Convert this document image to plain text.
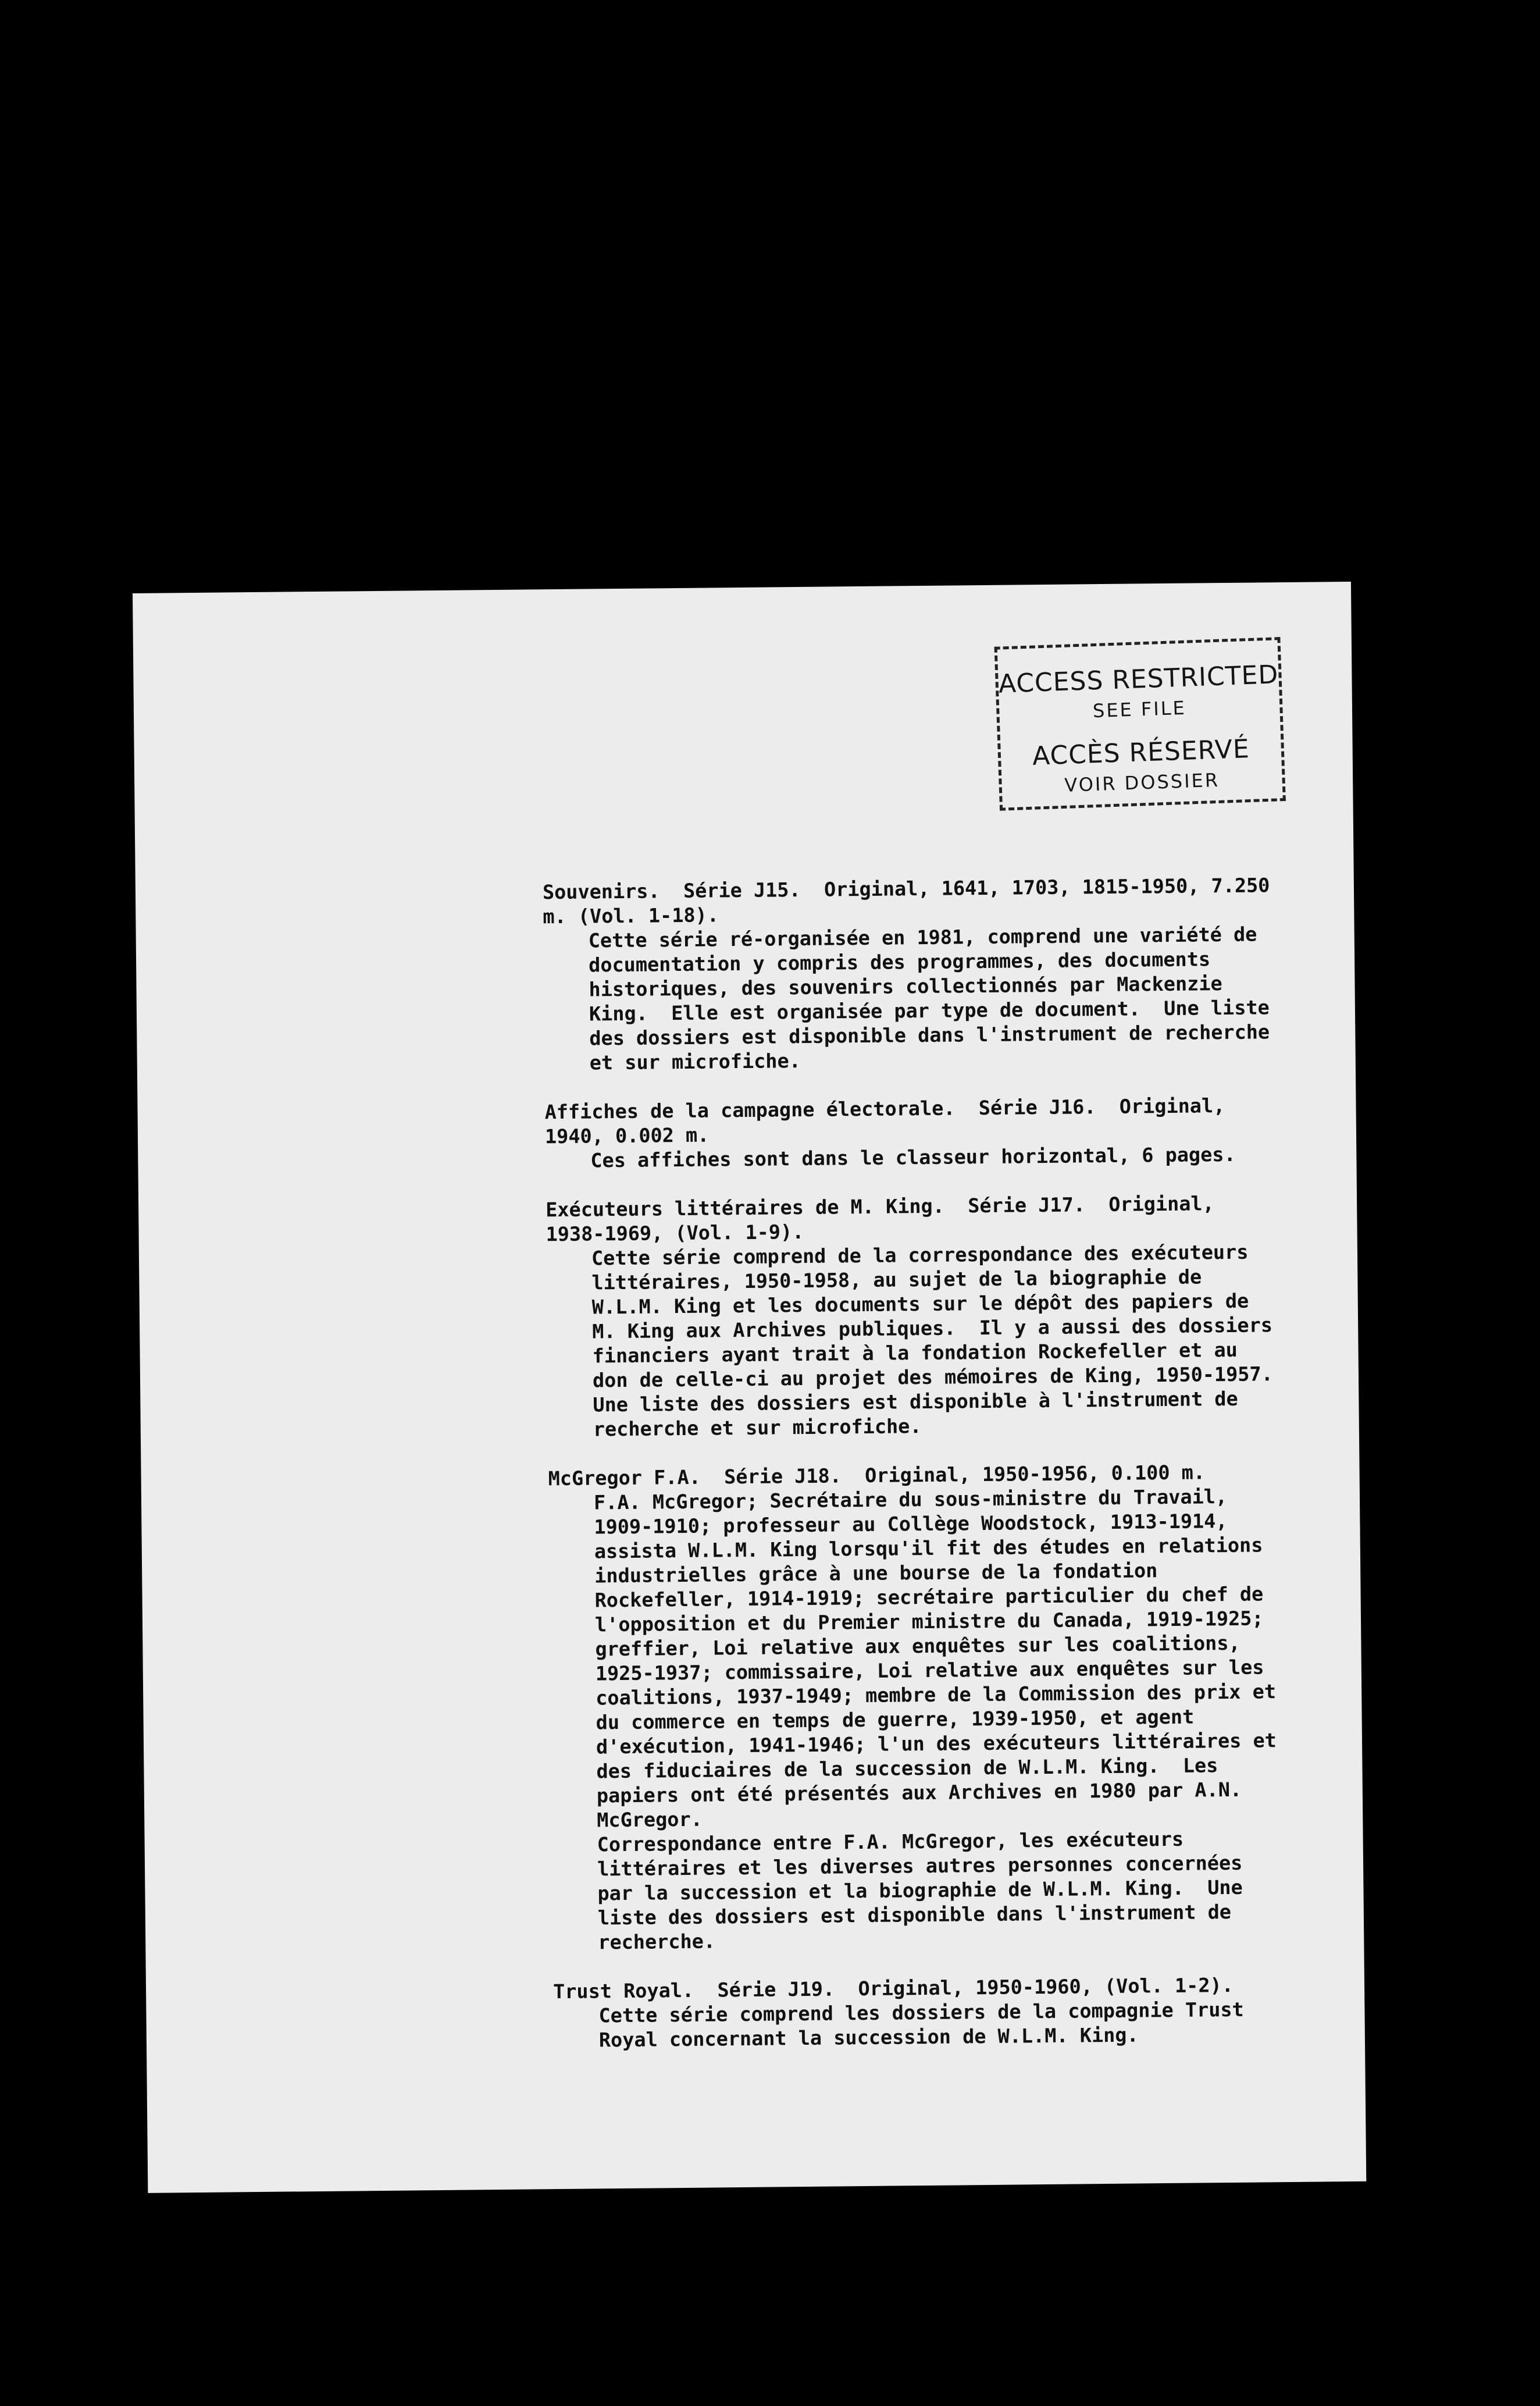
ACCESS RESTRICTED
SEE FILE
ACCÈS RÉSERVÉ
VOIR DOSSIER
Souvenirs.  Série J15.  Original, 1641, 1703, 1815-1950, 7.250
m. (Vol. 1-18).
Cette série ré-organisée en 1981, comprend une variété de
documentation y compris des programmes, des documents
historiques, des souvenirs collectionnés par Mackenzie
King.  Elle est organisée par type de document.  Une liste
des dossiers est disponible dans l'instrument de recherche
et sur microfiche.
Affiches de la campagne électorale.  Série J16.  Original,
1940, 0.002 m.
Ces affiches sont dans le classeur horizontal, 6 pages.
Exécuteurs littéraires de M. King.  Série J17.  Original,
1938-1969, (Vol. 1-9).
Cette série comprend de la correspondance des exécuteurs
littéraires, 1950-1958, au sujet de la biographie de
W.L.M. King et les documents sur le dépôt des papiers de
M. King aux Archives publiques.  Il y a aussi des dossiers
financiers ayant trait à la fondation Rockefeller et au
don de celle-ci au projet des mémoires de King, 1950-1957.
Une liste des dossiers est disponible à l'instrument de
recherche et sur microfiche.
McGregor F.A.  Série J18.  Original, 1950-1956, 0.100 m.
F.A. McGregor; Secrétaire du sous-ministre du Travail,
1909-1910; professeur au Collège Woodstock, 1913-1914,
assista W.L.M. King lorsqu'il fit des études en relations
industrielles grâce à une bourse de la fondation
Rockefeller, 1914-1919; secrétaire particulier du chef de
l'opposition et du Premier ministre du Canada, 1919-1925;
greffier, Loi relative aux enquêtes sur les coalitions,
1925-1937; commissaire, Loi relative aux enquêtes sur les
coalitions, 1937-1949; membre de la Commission des prix et
du commerce en temps de guerre, 1939-1950, et agent
d'exécution, 1941-1946; l'un des exécuteurs littéraires et
des fiduciaires de la succession de W.L.M. King.  Les
papiers ont été présentés aux Archives en 1980 par A.N.
McGregor.
Correspondance entre F.A. McGregor, les exécuteurs
littéraires et les diverses autres personnes concernées
par la succession et la biographie de W.L.M. King.  Une
liste des dossiers est disponible dans l'instrument de
recherche.
Trust Royal.  Série J19.  Original, 1950-1960, (Vol. 1-2).
Cette série comprend les dossiers de la compagnie Trust
Royal concernant la succession de W.L.M. King.
